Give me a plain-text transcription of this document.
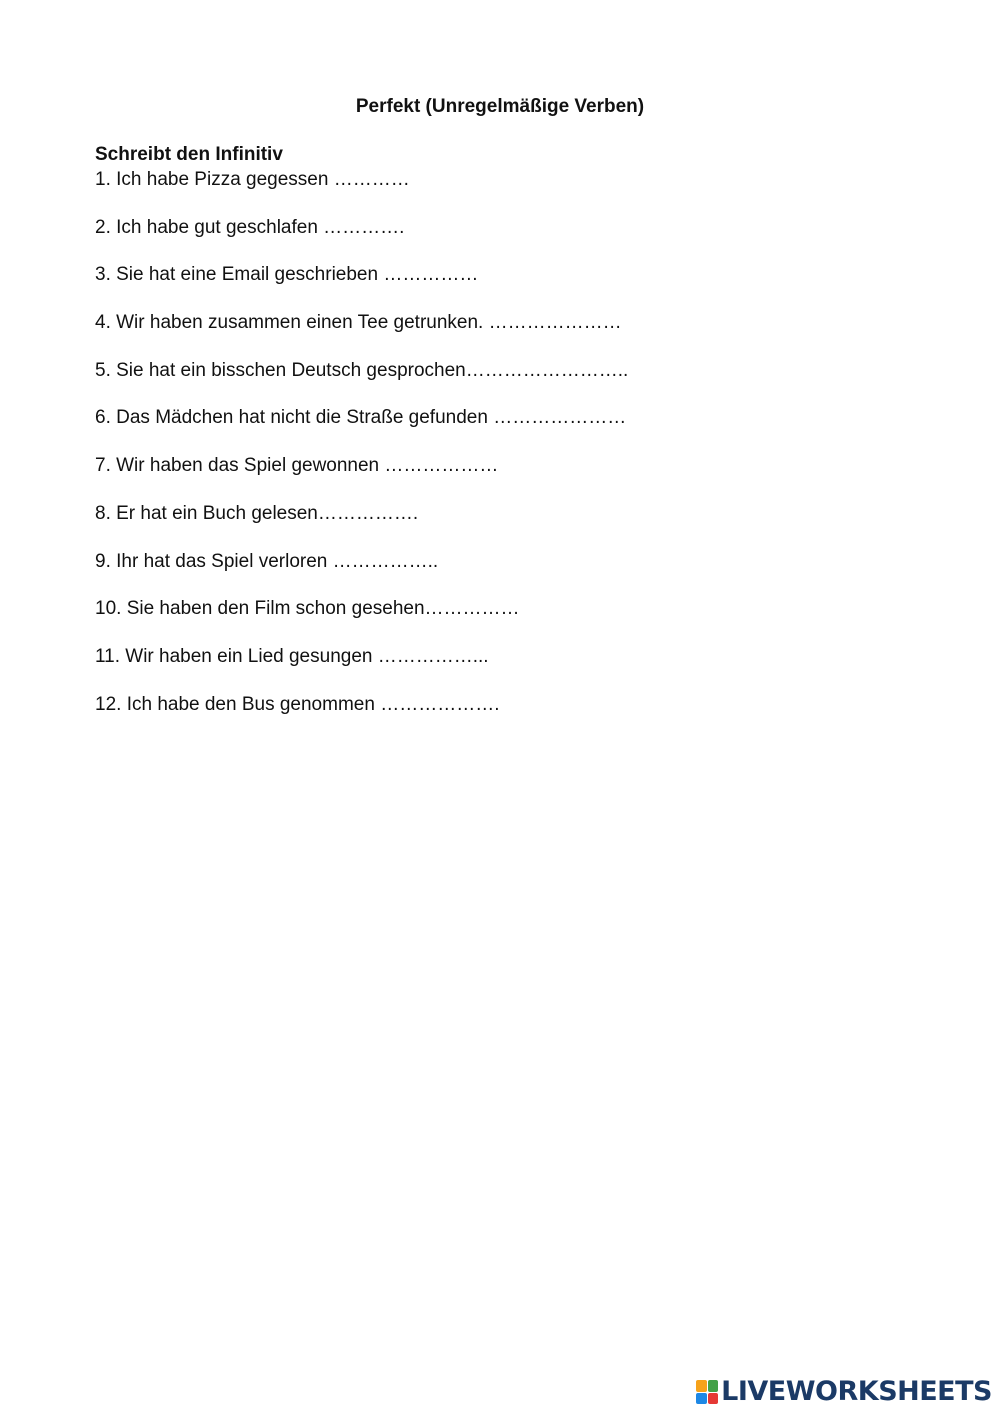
Perfekt (Unregelmäßige Verben)
Schreibt den Infinitiv
1. Ich habe Pizza gegessen …………
2. Ich habe gut geschlafen ………….
3. Sie hat eine Email geschrieben ……………
4. Wir haben zusammen einen Tee getrunken. …………………
5. Sie hat ein bisschen Deutsch gesprochen……………………..
6. Das Mädchen hat nicht die Straße gefunden …………………
7. Wir haben das Spiel gewonnen ………………
8. Er hat ein Buch gelesen…………….
9. Ihr hat das Spiel verloren ……………..
10. Sie haben den Film schon gesehen……………
11. Wir haben ein Lied gesungen ……………...
12. Ich habe den Bus genommen ……………….
LIVEWORKSHEETS
